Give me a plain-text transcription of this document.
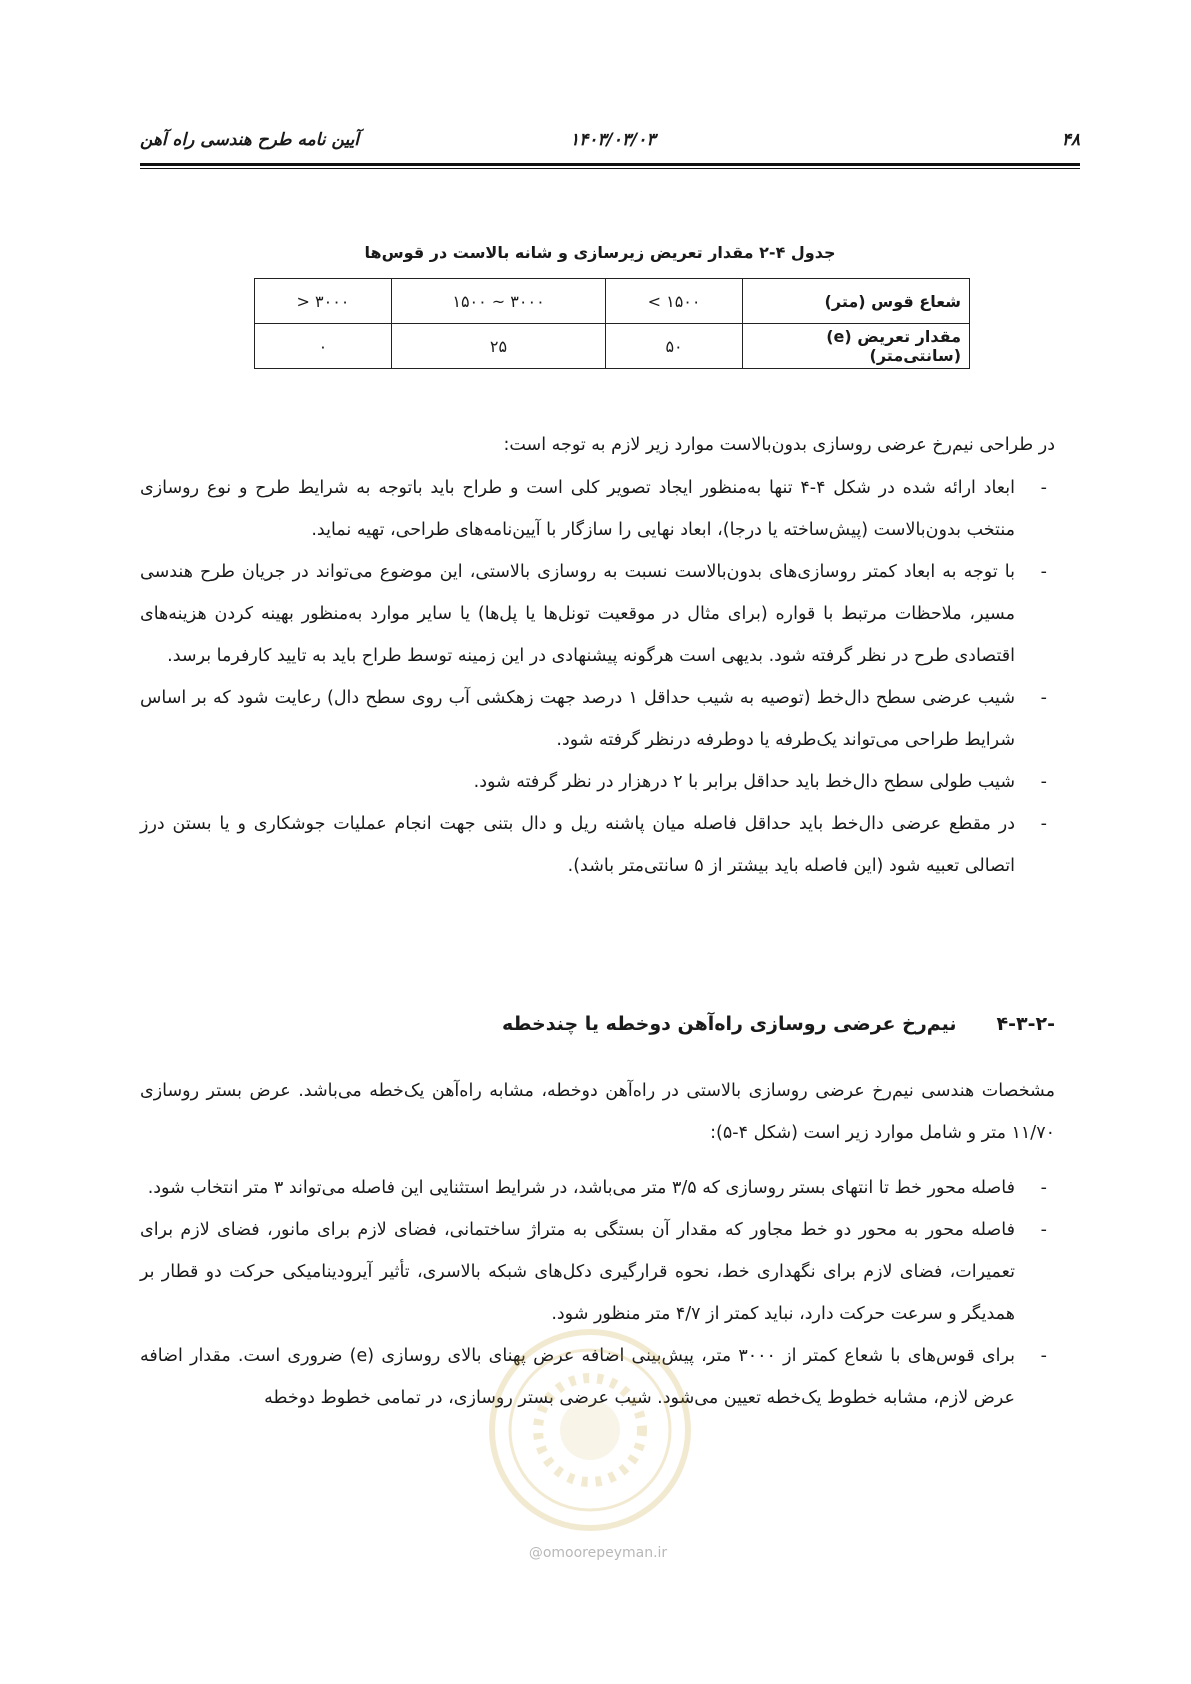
۴۸
۱۴۰۳/۰۳/۰۳
آیین نامه طرح هندسی راه آهن
جدول ۴-۲ مقدار تعریض زیرسازی و شانه بالاست در قوس‌ها
شعاع قوس (متر)	۱۵۰۰ >	۳۰۰۰ ~ ۱۵۰۰	۳۰۰۰ <
مقدار تعریض (e) (سانتی‌متر)	۵۰	۲۵	۰
در طراحی نیم‌رخ عرضی روسازی بدون‌بالاست موارد زیر لازم به توجه است:
-
ابعاد ارائه شده در شکل ۴-۴ تنها به‌منظور ایجاد تصویر کلی است و طراح باید باتوجه به شرایط طرح و نوع روسازی منتخب بدون‌بالاست (پیش‌ساخته یا درجا)، ابعاد نهایی را سازگار با آیین‌نامه‌های طراحی، تهیه نماید.
-
با توجه به ابعاد کمتر روسازی‌های بدون‌بالاست نسبت به روسازی بالاستی، این موضوع می‌تواند در جریان طرح هندسی مسیر، ملاحظات مرتبط با قواره (برای مثال در موقعیت تونل‌ها یا پل‌ها) یا سایر موارد به‌منظور بهینه کردن هزینه‌های اقتصادی طرح در نظر گرفته شود. بدیهی است هرگونه پیشنهادی در این زمینه توسط طراح باید به تایید کارفرما برسد.
-
شیب عرضی سطح دال‌خط (توصیه به شیب حداقل ۱ درصد جهت زهکشی آب روی سطح دال) رعایت شود که بر اساس شرایط طراحی می‌تواند یک‌طرفه یا دوطرفه درنظر گرفته شود.
-
شیب طولی سطح دال‌خط باید حداقل برابر با ۲ درهزار در نظر گرفته شود.
-
در مقطع عرضی دال‌خط باید حداقل فاصله میان پاشنه ریل و دال بتنی جهت انجام عملیات جوشکاری و یا بستن درز اتصالی تعبیه شود (این فاصله باید بیشتر از ۵ سانتی‌متر باشد).
۴-۳-۲-نیم‌رخ عرضی روسازی راه‌آهن دوخطه یا چندخطه
مشخصات هندسی نیم‌رخ عرضی روسازی بالاستی در راه‌آهن دوخطه، مشابه راه‌آهن یک‌خطه می‌باشد. عرض بستر روسازی ۱۱/۷۰ متر و شامل موارد زیر است (شکل ۴-۵):
-
فاصله محور خط تا انتهای بستر روسازی که ۳/۵ متر می‌باشد، در شرایط استثنایی این فاصله می‌تواند ۳ متر انتخاب شود.
-
فاصله محور به محور دو خط مجاور که مقدار آن بستگی به متراژ ساختمانی، فضای لازم برای مانور، فضای لازم برای تعمیرات، فضای لازم برای نگهداری خط، نحوه قرارگیری دکل‌های شبکه بالاسری، تأثیر آیرودینامیکی حرکت دو قطار بر همدیگر و سرعت حرکت دارد، نباید کمتر از ۴/۷ متر منظور شود.
-
برای قوس‌های با شعاع کمتر از ۳۰۰۰ متر، پیش‌بینی اضافه عرض پهنای بالای روسازی (e) ضروری است. مقدار اضافه عرض لازم، مشابه خطوط یک‌خطه تعیین می‌شود. شیب عرضی بستر روسازی، در تمامی خطوط دوخطه
@omoorepeyman.ir
